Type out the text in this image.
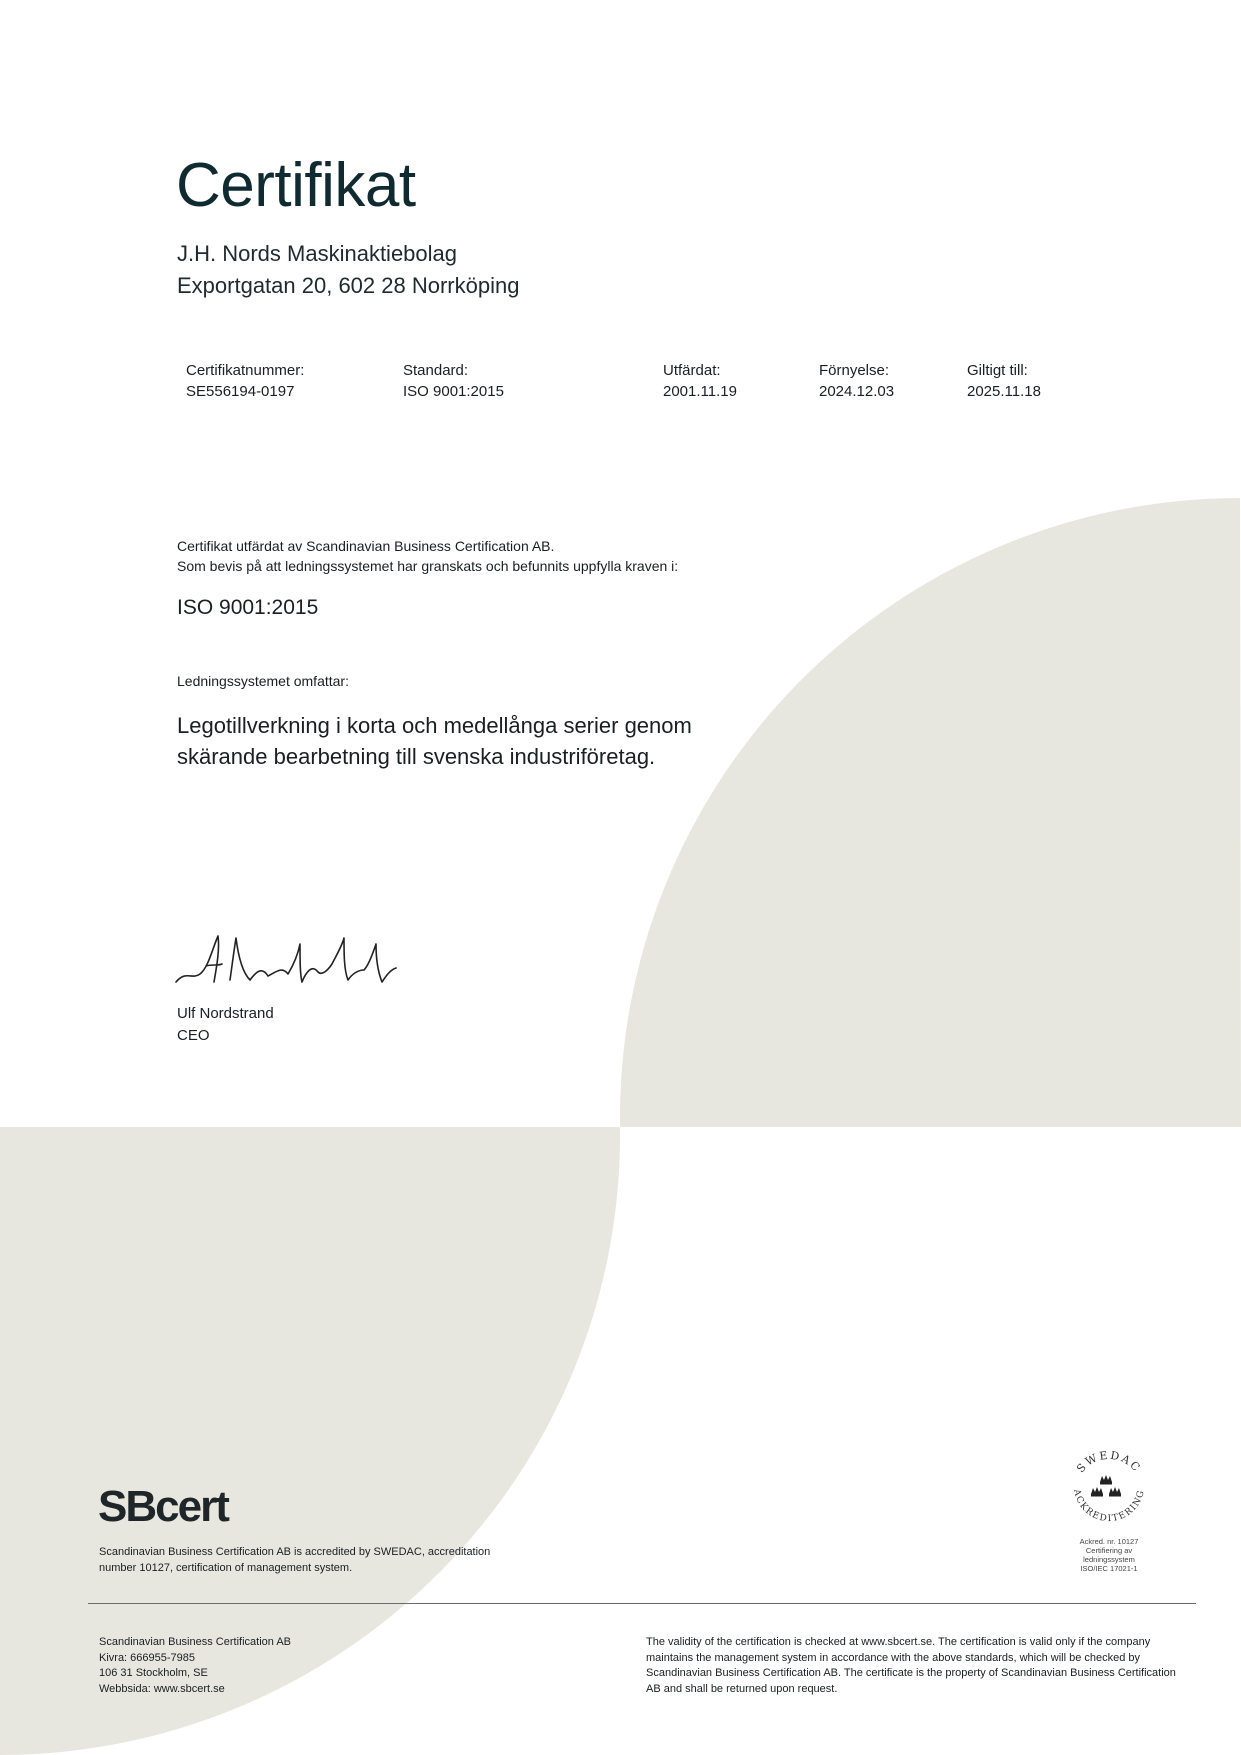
Certifikat
J.H. Nords Maskinaktiebolag
Exportgatan 20, 602 28 Norrköping
Certifikatnummer:
SE556194-0197
Standard:
ISO 9001:2015
Utfärdat:
2001.11.19
Förnyelse:
2024.12.03
Giltigt till:
2025.11.18
Certifikat utfärdat av Scandinavian Business Certification AB.
Som bevis på att ledningssystemet har granskats och befunnits uppfylla kraven i:
ISO 9001:2015
Ledningssystemet omfattar:
Legotillverkning i korta och medellånga serier genom
skärande bearbetning till svenska industriföretag.
Ulf Nordstrand
CEO
SBcert
Scandinavian Business Certification AB is accredited by SWEDAC, accreditation
number 10127, certification of management system.
SWEDAC
ACKREDITERING
Ackred. nr. 10127
Certifiering av
ledningssystem
ISO/IEC 17021-1
Scandinavian Business Certification AB
Kivra: 666955-7985
106 31 Stockholm, SE
Webbsida: www.sbcert.se
The validity of the certification is checked at www.sbcert.se. The certification is valid only if the company
maintains the management system in accordance with the above standards, which will be checked by
Scandinavian Business Certification AB. The certificate is the property of Scandinavian Business Certification
AB and shall be returned upon request.
